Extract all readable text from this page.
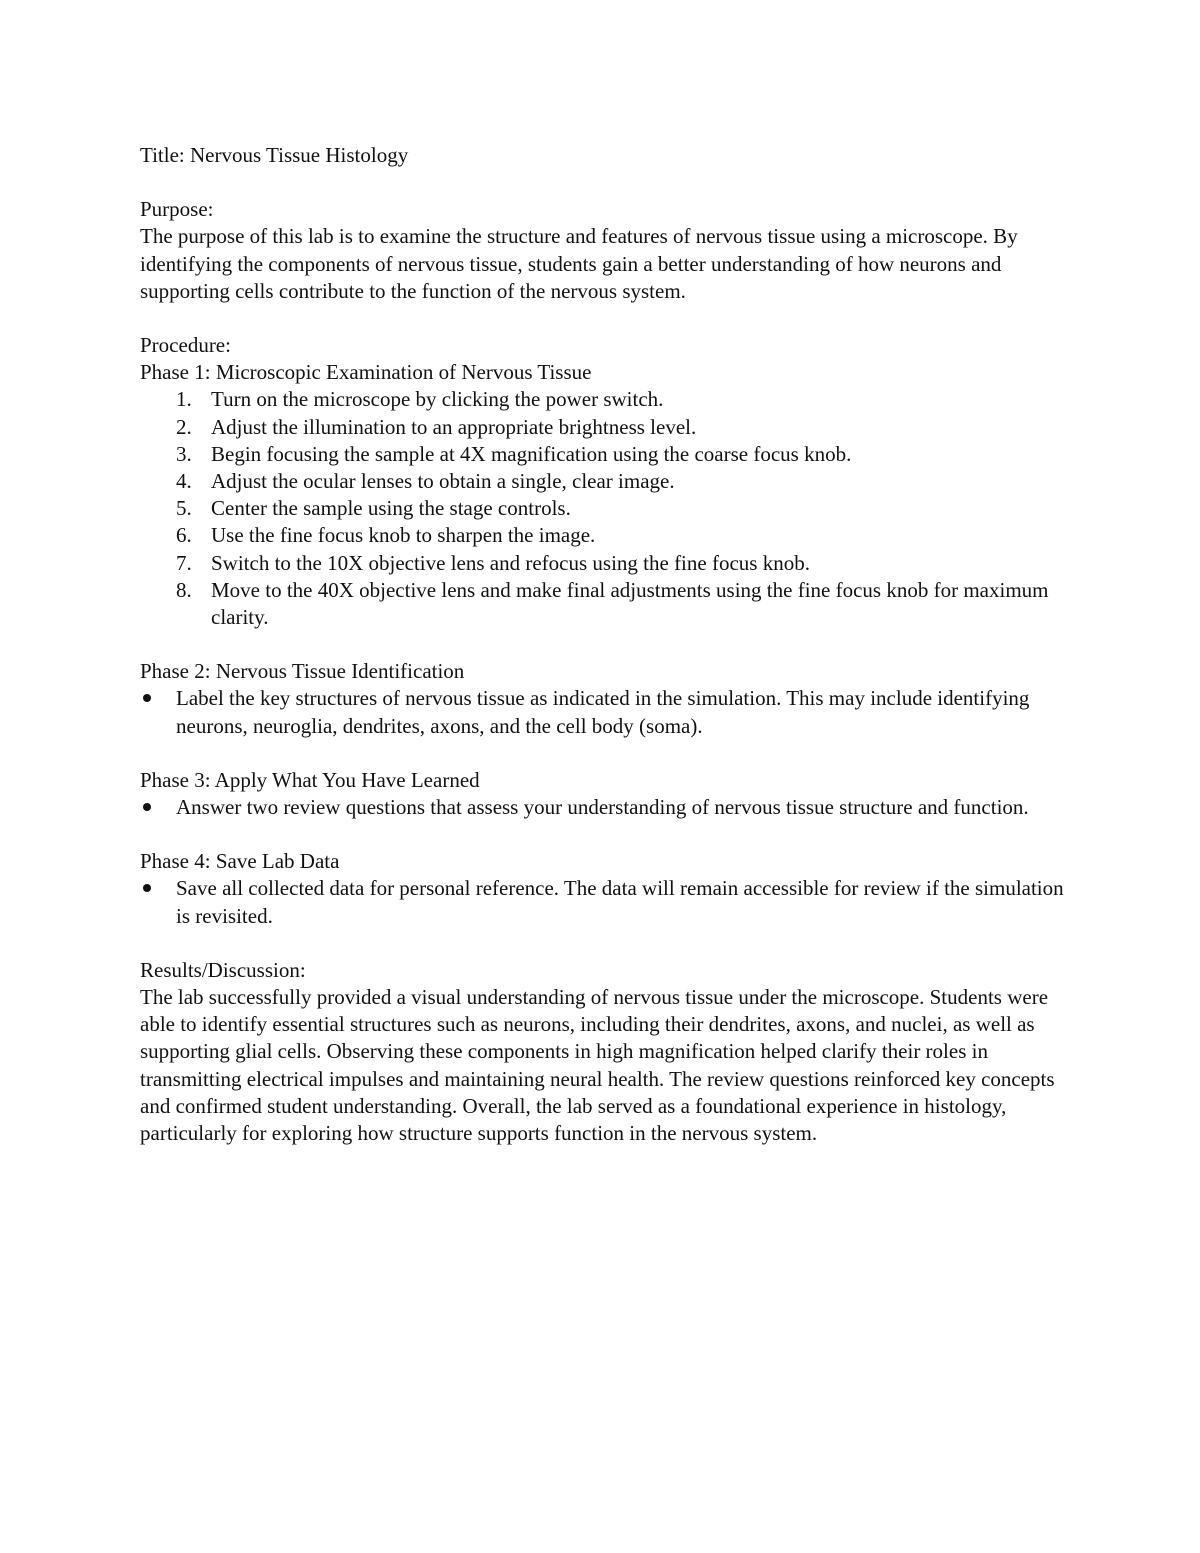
Title: Nervous Tissue Histology

Purpose:

The purpose of this lab is to examine the structure and features of nervous tissue using a microscope. By identifying the components of nervous tissue, students gain a better understanding of how neurons and supporting cells contribute to the function of the nervous system.

Procedure:

Phase 1: Microscopic Examination of Nervous Tissue

1. Turn on the microscope by clicking the power switch.
2. Adjust the illumination to an appropriate brightness level.
3. Begin focusing the sample at 4X magnification using the coarse focus knob.
4. Adjust the ocular lenses to obtain a single, clear image.
5. Center the sample using the stage controls.
6. Use the fine focus knob to sharpen the image.
7. Switch to the 10X objective lens and refocus using the fine focus knob.
8. Move to the 40X objective lens and make final adjustments using the fine focus knob for maximum clarity.

Phase 2: Nervous Tissue Identification

Label the key structures of nervous tissue as indicated in the simulation. This may include identifying neurons, neuroglia, dendrites, axons, and the cell body (soma).

Phase 3: Apply What You Have Learned

Answer two review questions that assess your understanding of nervous tissue structure and function.

Phase 4: Save Lab Data

Save all collected data for personal reference. The data will remain accessible for review if the simulation is revisited.

Results/Discussion:

The lab successfully provided a visual understanding of nervous tissue under the microscope. Students were able to identify essential structures such as neurons, including their dendrites, axons, and nuclei, as well as supporting glial cells. Observing these components in high magnification helped clarify their roles in transmitting electrical impulses and maintaining neural health. The review questions reinforced key concepts and confirmed student understanding. Overall, the lab served as a foundational experience in histology, particularly for exploring how structure supports function in the nervous system.
